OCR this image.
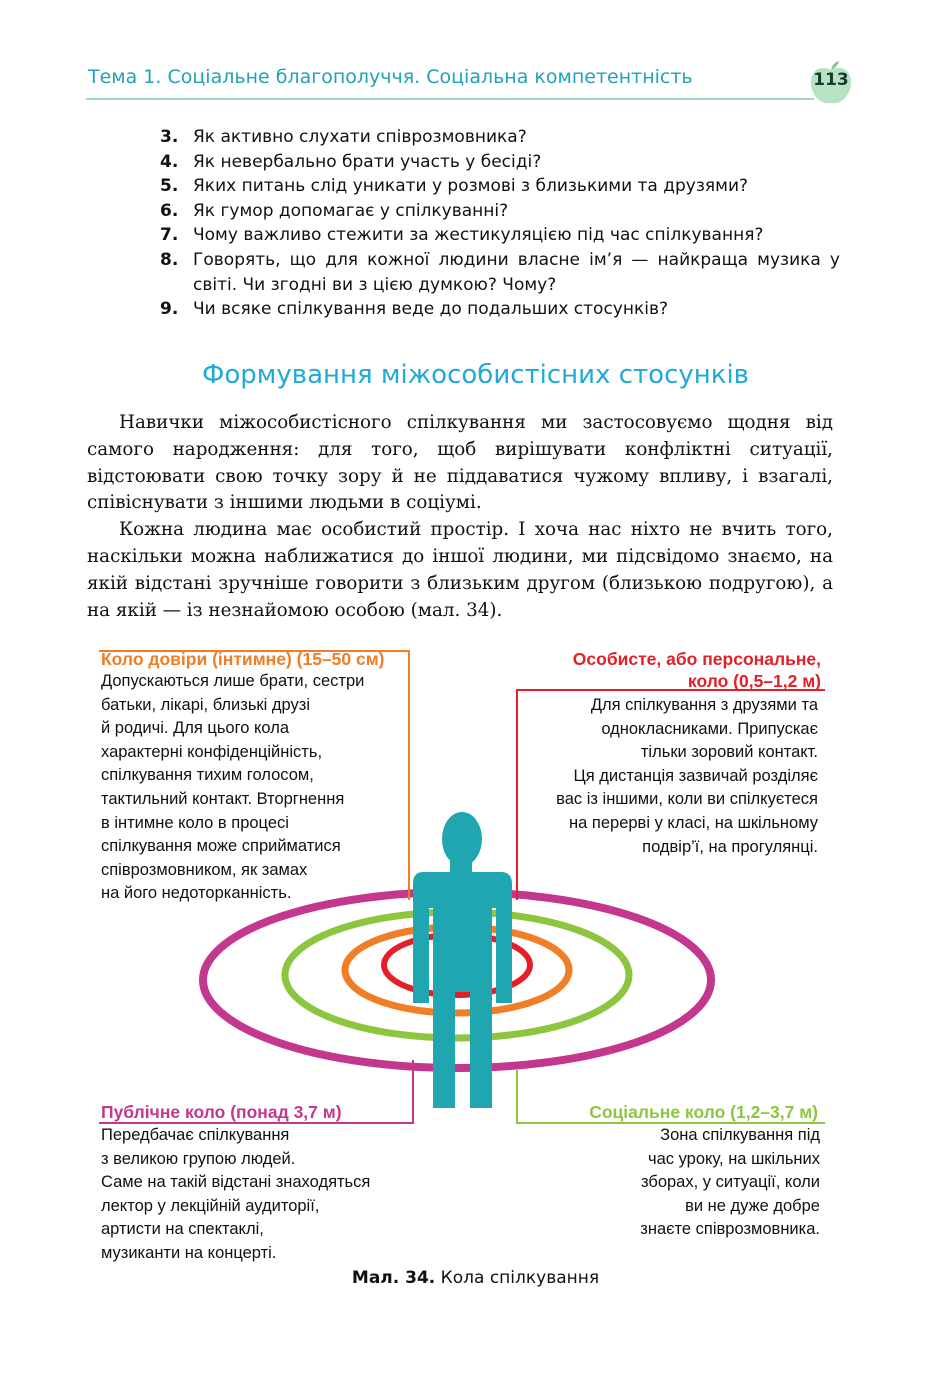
Тема 1. Соціальне благополуччя. Соціальна компетентність	113
3. Як активно слухати співрозмовника?
4. Як невербально брати участь у бесіді?
5. Яких питань слід уникати у розмові з близькими та друзями?
6. Як гумор допомагає у спілкуванні?
7. Чому важливо стежити за жестикуляцією під час спілкування?
8. Говорять, що для кожної людини власне ім’я — найкраща музика у світі. Чи згодні ви з цією думкою? Чому?
9. Чи всяке спілкування веде до подальших стосунків?
Формування міжособистісних стосунків

Навички міжособистісного спілкування ми застосовуємо щодня від самого народження: для того, щоб вирішувати конфліктні ситуації, відстоювати свою точку зору й не піддаватися чужому впливу, і взагалі, співіснувати з іншими людьми в соціумі.

Кожна людина має особистий простір. І хоча нас ніхто не вчить того, наскільки можна наближатися до іншої людини, ми підсвідомо знаємо, на якій відстані зручніше говорити з близьким другом (близькою подругою), а на якій — із незнайомою особою (мал. 34).

Коло довіри (інтимне) (15–50 см)
Допускаються лише брати, сестри
батьки, лікарі, близькі друзі
й родичі. Для цього кола
характерні конфіденційність,
спілкування тихим голосом,
тактильний контакт. Вторгнення
в інтимне коло в процесі
спілкування може сприйматися
співрозмовником, як замах
на його недоторканність.
Особисте, або персональне,
коло (0,5–1,2 м)
Для спілкування з друзями та
однокласниками. Припускає
тільки зоровий контакт.
Ця дистанція зазвичай розділяє
вас із іншими, коли ви спілкуєтеся
на перерві у класі, на шкільному
подвір’ї, на прогулянці.
Публічне коло (понад 3,7 м)
Передбачає спілкування
з великою групою людей.
Саме на такій відстані знаходяться
лектор у лекційній аудиторії,
артисти на спектаклі,
музиканти на концерті.
Соціальне коло (1,2–3,7 м)
Зона спілкування під
час уроку, на шкільних
зборах, у ситуації, коли
ви не дуже добре
знаєте співрозмовника.
Мал. 34. Кола спілкування
